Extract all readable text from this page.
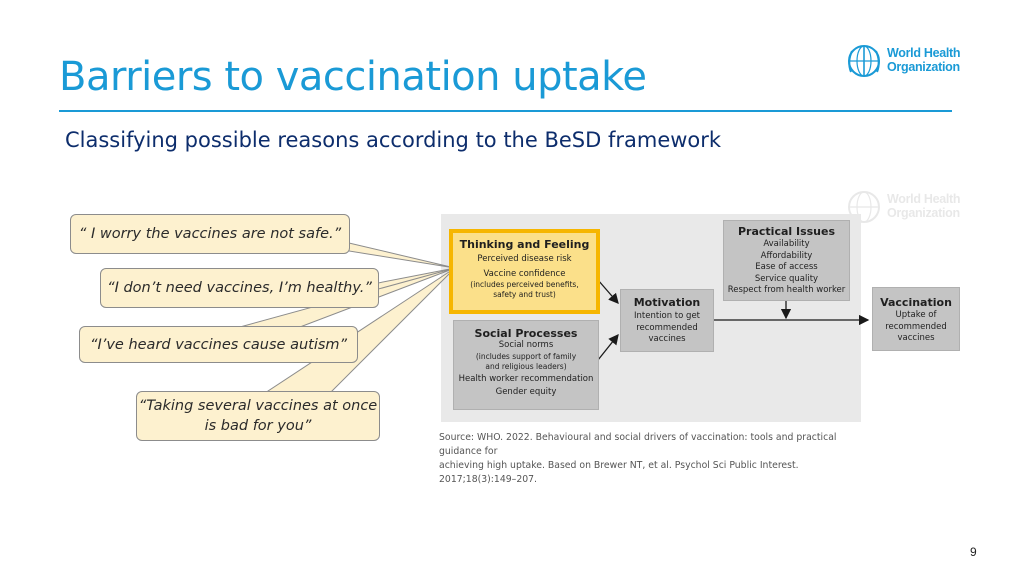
Barriers to vaccination uptake
Classifying possible reasons according to the BeSD framework
World Health
Organization
World Health
Organization
“ I worry the vaccines are not safe.”
“I don’t need vaccines, I’m healthy.”
“I’ve heard vaccines cause autism”
“Taking several vaccines at once
is bad for you”
Thinking and Feeling
Perceived disease risk
Vaccine confidence
(includes perceived benefits,
safety and trust)
Social Processes
Social norms
(includes support of family
and religious leaders)
Health worker recommendation
Gender equity
Motivation
Intention to get
recommended
vaccines
Practical Issues
Availability
Affordability
Ease of access
Service quality
Respect from health worker
Vaccination
Uptake of
recommended
vaccines
Source: WHO. 2022. Behavioural and social drivers of vaccination: tools and practical guidance for
achieving high uptake. Based on Brewer NT, et al. Psychol Sci Public Interest. 2017;18(3):149–207.
9
